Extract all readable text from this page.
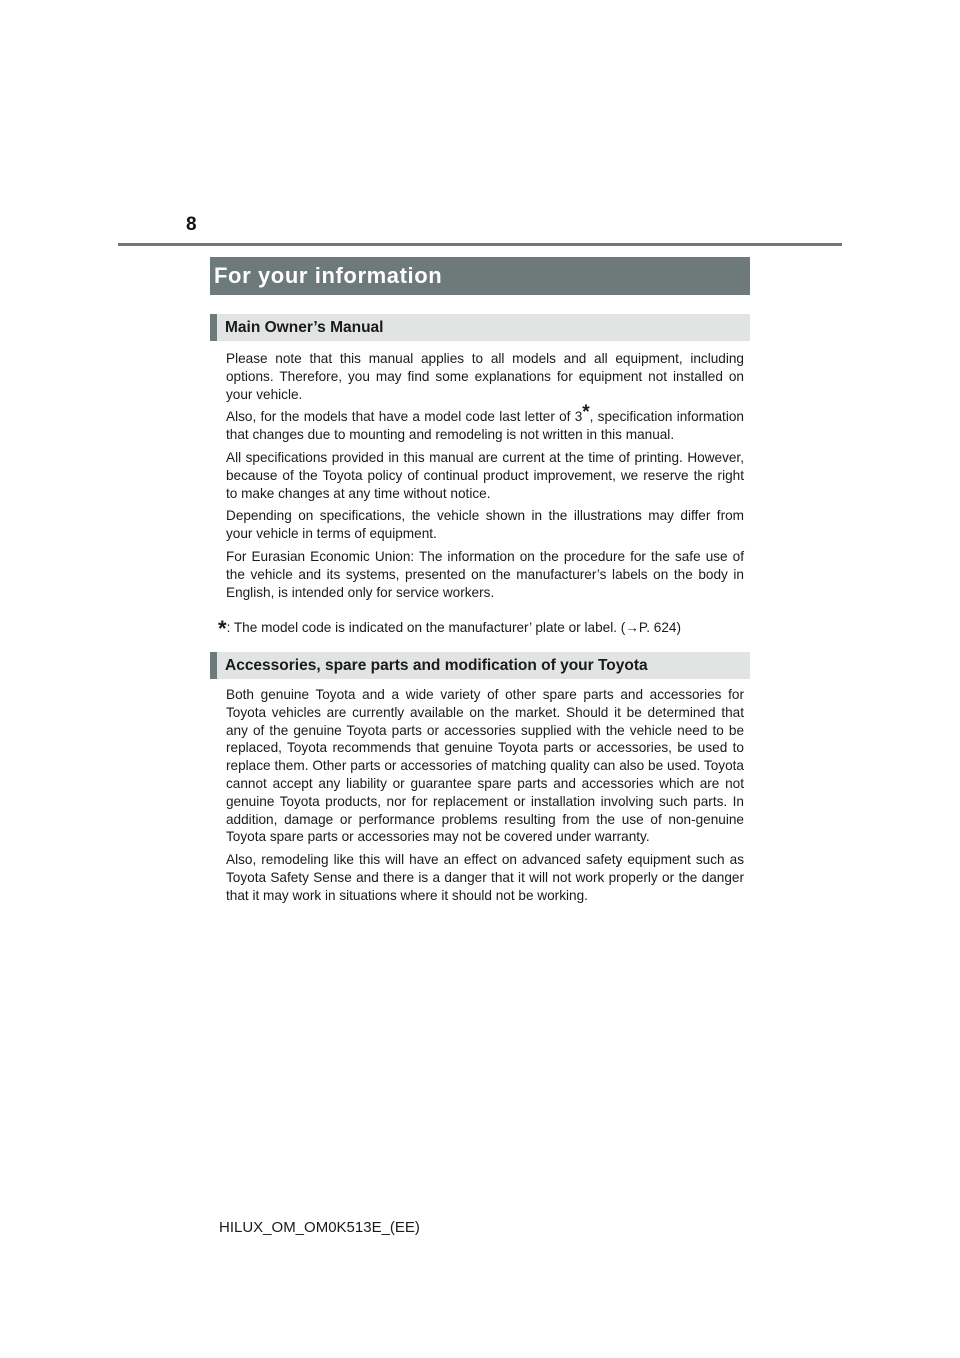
8
For your information
Main Owner’s Manual

Please note that this manual applies to all models and all equipment, including options. Therefore, you may find some explanations for equipment not installed on your vehicle.

Also, for the models that have a model code last letter of 3*, specification information that changes due to mounting and remodeling is not written in this manual.

All specifications provided in this manual are current at the time of printing. However, because of the Toyota policy of continual product improvement, we reserve the right to make changes at any time without notice.

Depending on specifications, the vehicle shown in the illustrations may differ from your vehicle in terms of equipment.

For Eurasian Economic Union: The information on the procedure for the safe use of the vehicle and its systems, presented on the manufacturer’s labels on the body in English, is intended only for service workers.

*: The model code is indicated on the manufacturer’ plate or label. (→P. 624)
Accessories, spare parts and modification of your Toyota

Both genuine Toyota and a wide variety of other spare parts and accessories for Toyota vehicles are currently available on the market. Should it be determined that any of the genuine Toyota parts or accessories supplied with the vehicle need to be replaced, Toyota recommends that genuine Toyota parts or accessories, be used to replace them. Other parts or accessories of matching quality can also be used. Toyota cannot accept any liability or guarantee spare parts and accessories which are not genuine Toyota products, nor for replacement or installation involving such parts. In addition, damage or performance problems resulting from the use of non-genuine Toyota spare parts or accessories may not be covered under warranty.

Also, remodeling like this will have an effect on advanced safety equipment such as Toyota Safety Sense and there is a danger that it will not work properly or the danger that it may work in situations where it should not be working.

HILUX_OM_OM0K513E_(EE)
